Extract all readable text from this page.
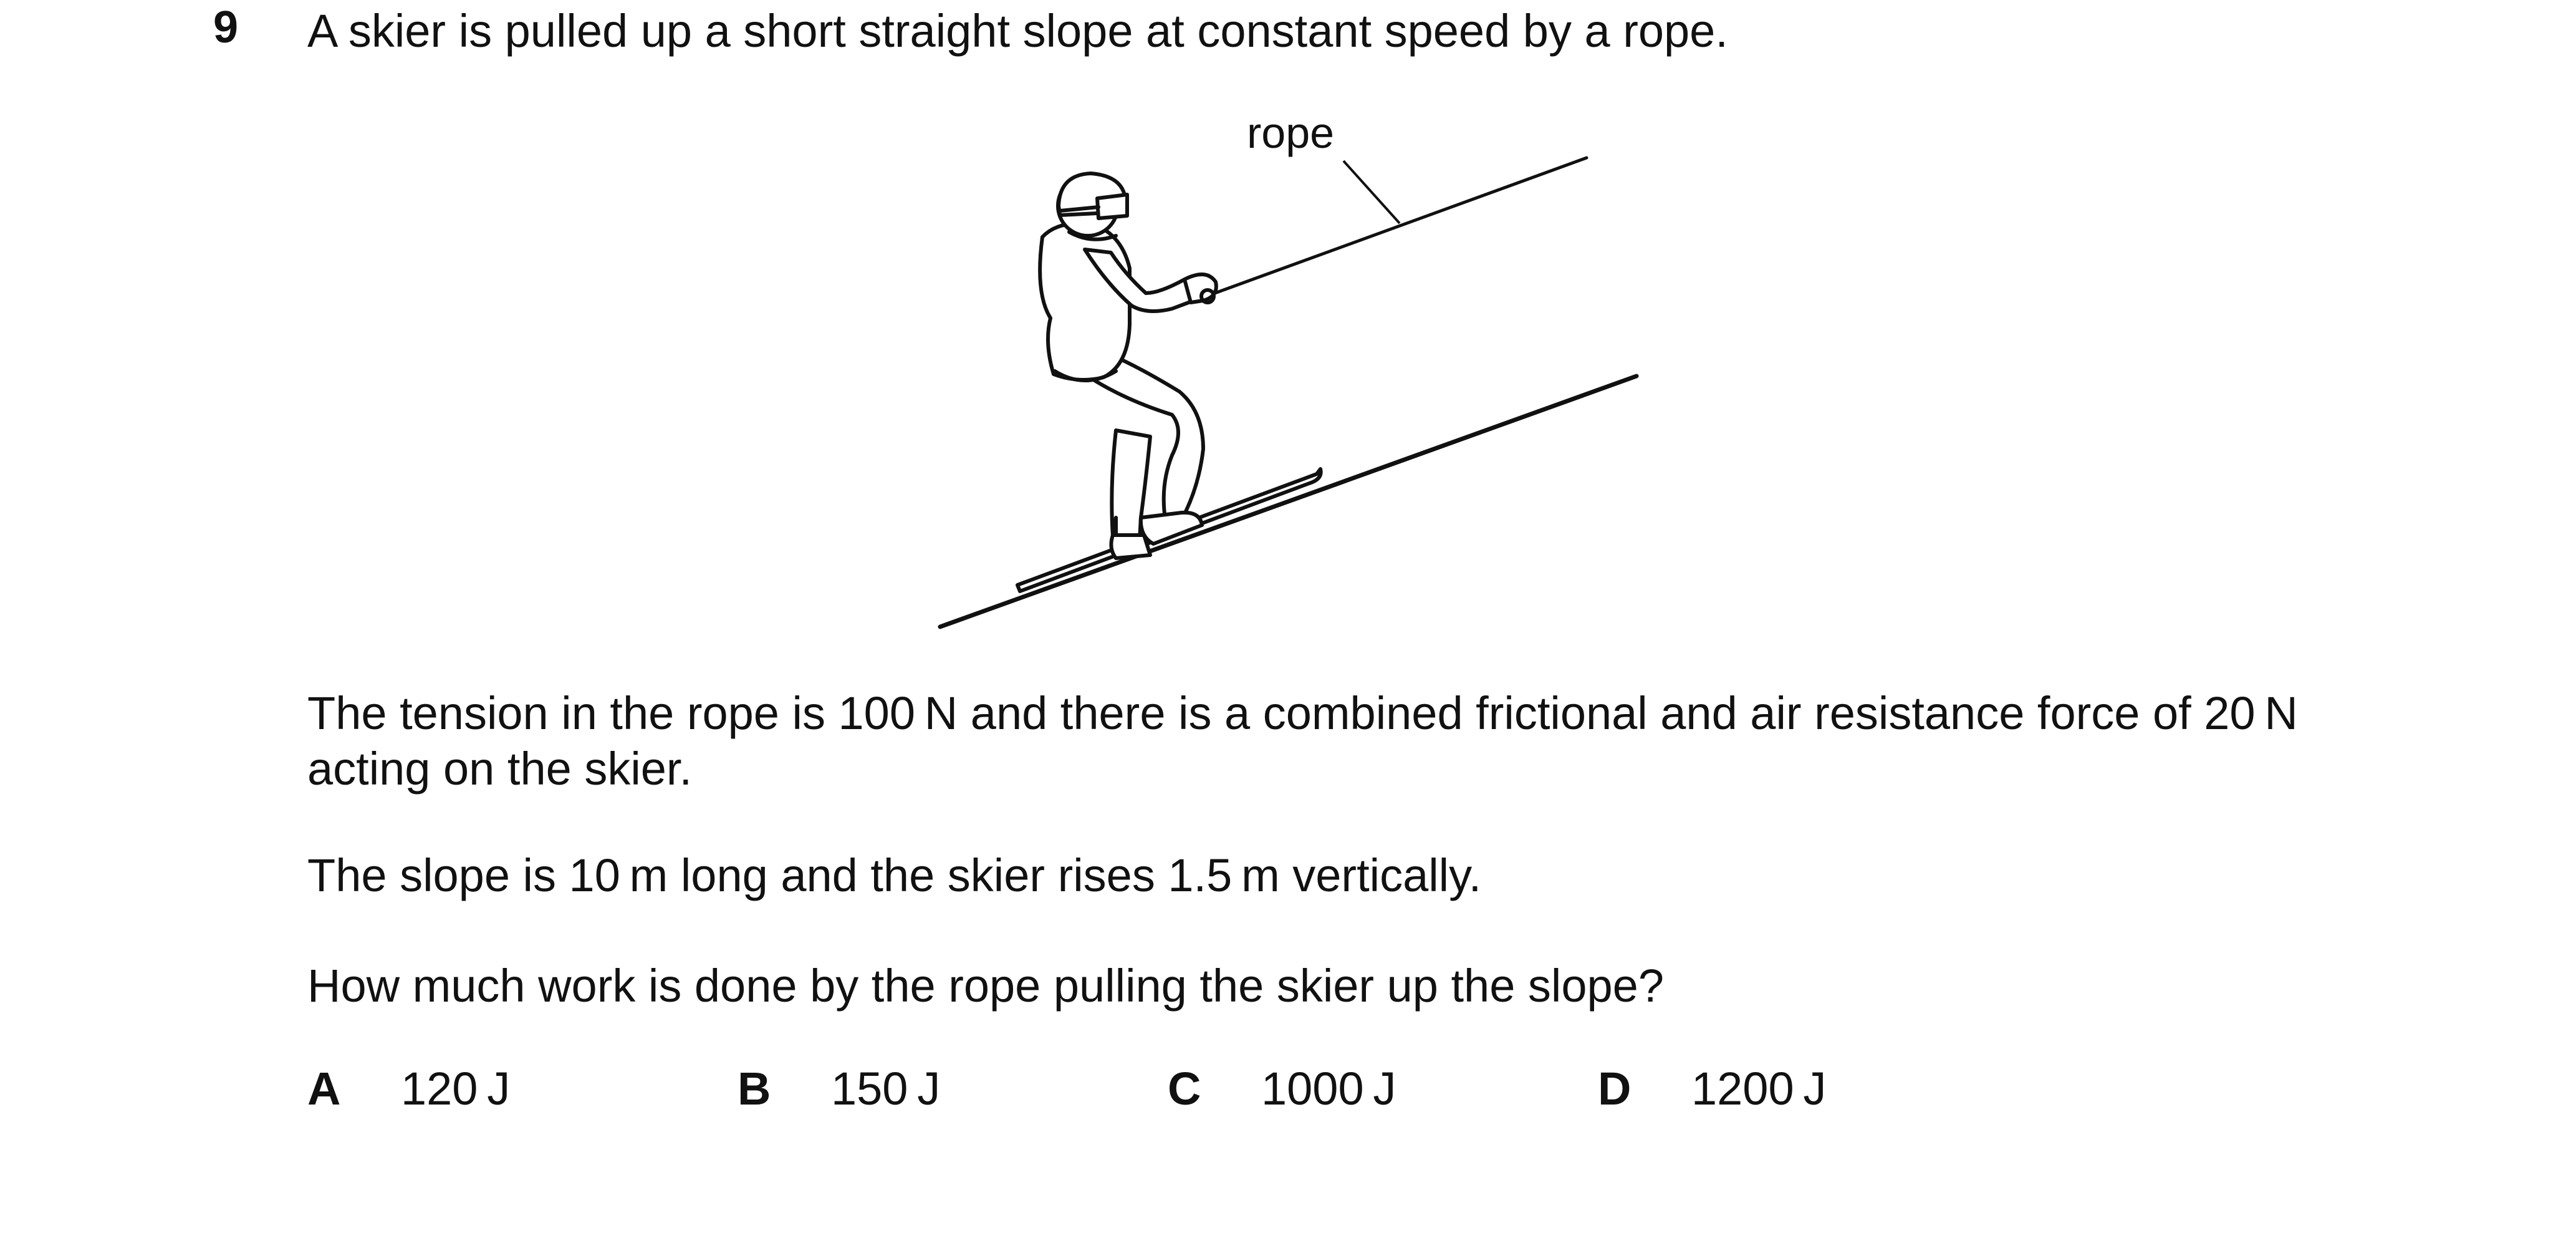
9 A skier is pulled up a short straight slope at constant speed by a rope.
rope
The tension in the rope is 100 N and there is a combined frictional and air resistance force of 20 N
acting on the skier.
The slope is 10 m long and the skier rises 1.5 m vertically.
How much work is done by the rope pulling the skier up the slope?
A 120 J	B 150 J	C 1000 J	D 1200 J
